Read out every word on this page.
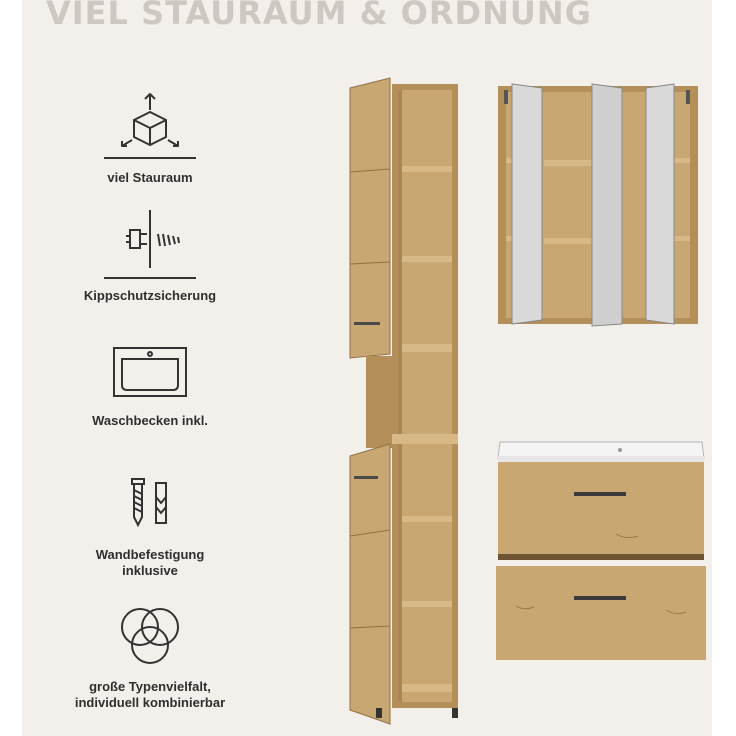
VIEL STAURAUM & ORDNUNG
viel Stauraum
Kippschutzsicherung
Waschbecken inkl.
Wandbefestigung
inklusive
große Typenvielfalt,
individuell kombinierbar
